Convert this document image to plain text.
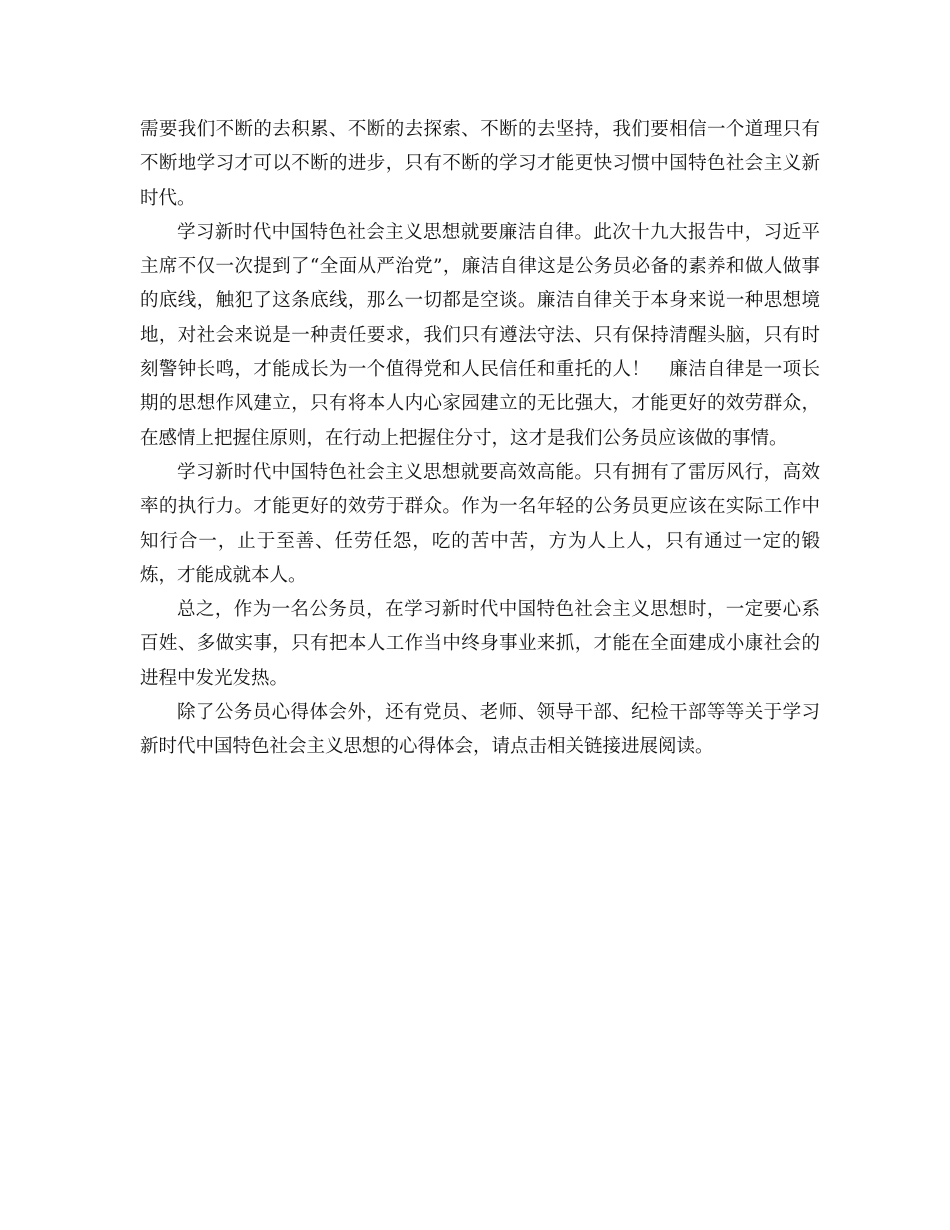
需要我们不断的去积累、不断的去探索、不断的去坚持，我们要相信一个道理只有不断地学习才可以不断的进步，只有不断的学习才能更快习惯中国特色社会主义新时代。

学习新时代中国特色社会主义思想就要廉洁自律。此次十九大报告中，习近平主席不仅一次提到了“全面从严治党”，廉洁自律这是公务员必备的素养和做人做事的底线，触犯了这条底线，那么一切都是空谈。廉洁自律关于本身来说一种思想境地，对社会来说是一种责任要求，我们只有遵法守法、只有保持清醒头脑，只有时刻警钟长鸣，才能成长为一个值得党和人民信任和重托的人！　廉洁自律是一项长期的思想作风建立，只有将本人内心家园建立的无比强大，才能更好的效劳群众，在感情上把握住原则，在行动上把握住分寸，这才是我们公务员应该做的事情。

学习新时代中国特色社会主义思想就要高效高能。只有拥有了雷厉风行，高效率的执行力。才能更好的效劳于群众。作为一名年轻的公务员更应该在实际工作中知行合一，止于至善、任劳任怨，吃的苦中苦，方为人上人，只有通过一定的锻炼，才能成就本人。

总之，作为一名公务员，在学习新时代中国特色社会主义思想时，一定要心系百姓、多做实事，只有把本人工作当中终身事业来抓，才能在全面建成小康社会的进程中发光发热。

除了公务员心得体会外，还有党员、老师、领导干部、纪检干部等等关于学习新时代中国特色社会主义思想的心得体会，请点击相关链接进展阅读。
